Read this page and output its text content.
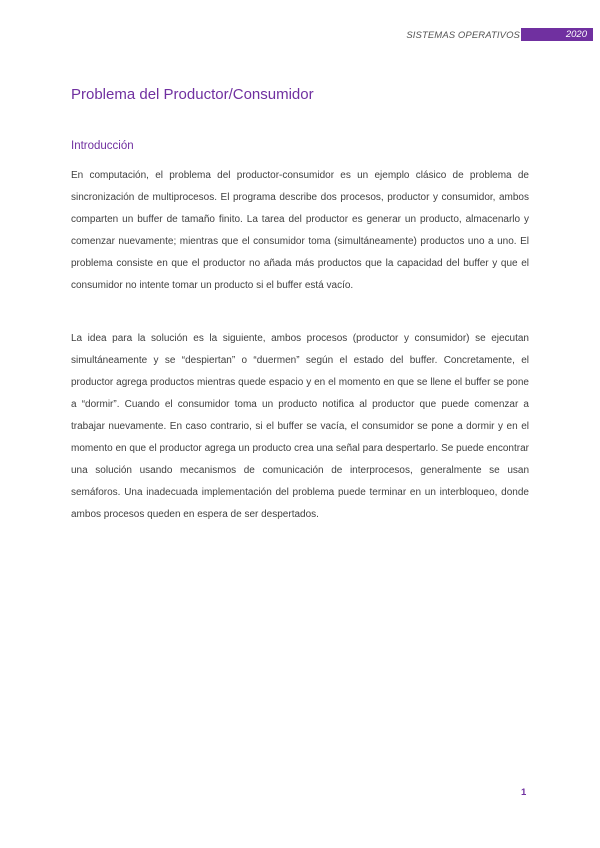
SISTEMAS OPERATIVOS	2020
Problema del Productor/Consumidor
Introducción

En computación, el problema del productor-consumidor es un ejemplo clásico de problema de sincronización de multiprocesos. El programa describe dos procesos, productor y consumidor, ambos comparten un buffer de tamaño finito. La tarea del productor es generar un producto, almacenarlo y comenzar nuevamente; mientras que el consumidor toma (simultáneamente) productos uno a uno. El problema consiste en que el productor no añada más productos que la capacidad del buffer y que el consumidor no intente tomar un producto si el buffer está vacío.

La idea para la solución es la siguiente, ambos procesos (productor y consumidor) se ejecutan simultáneamente y se “despiertan” o “duermen” según el estado del buffer. Concretamente, el productor agrega productos mientras quede espacio y en el momento en que se llene el buffer se pone a “dormir”. Cuando el consumidor toma un producto notifica al productor que puede comenzar a trabajar nuevamente. En caso contrario, si el buffer se vacía, el consumidor se pone a dormir y en el momento en que el productor agrega un producto crea una señal para despertarlo. Se puede encontrar una solución usando mecanismos de comunicación de interprocesos, generalmente se usan semáforos. Una inadecuada implementación del problema puede terminar en un interbloqueo, donde ambos procesos queden en espera de ser despertados.

1
